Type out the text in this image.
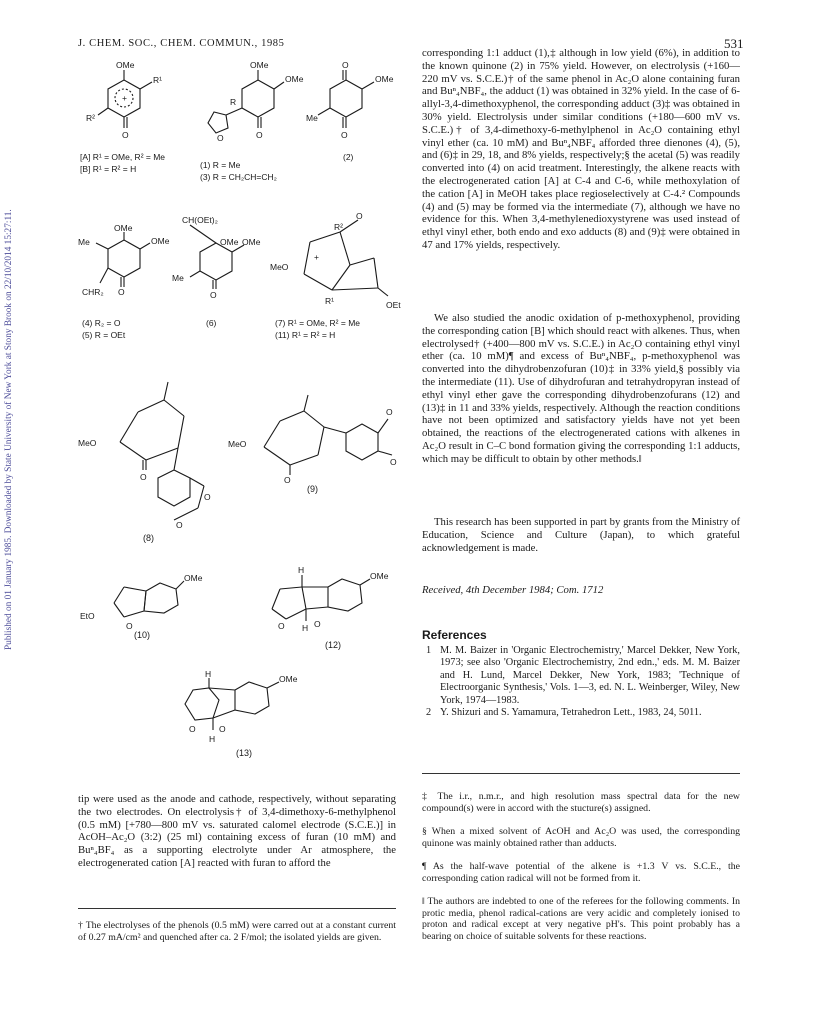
Published on 01 January 1985. Downloaded by State University of New York at Stony Brook on 22/10/2014 15:27:11.
J. CHEM. SOC., CHEM. COMMUN., 1985	531
OMe
R¹
R²
+
O
[A] R¹ = OMe, R² = Me
[B] R¹ = R² = H
OMe
OMe
R
O	O
(1) R = Me
(3) R = CH₂CH=CH₂
O
OMe
Me
O
(2)
OMe
OMe
Me
CHR₂ O
(4) R₂ = O
(5) R = OEt
CH(OEt)₂
OMe OMe
Me
O
(6)
R²
O
MeO
+
R¹	OEt
(7) R¹ = OMe, R² = Me
(11) R¹ = R² = H
MeO
O
O
O
(8)
MeO
O
O
O
(9)
OMe
EtO
O
(10)
H
O	O
H
OMe
(12)
H
O	O
H
OMe
(13)

corresponding 1:1 adduct (1),‡ although in low yield (6%), in addition to the known quinone (2) in 75% yield. However, on electrolysis (+160—220 mV vs. S.C.E.)† of the same phenol in Ac₂O alone containing furan and Buⁿ₄NBF₄, the adduct (1) was obtained in 32% yield. In the case of 6-allyl-3,4-dimethoxyphenol, the corresponding adduct (3)‡ was obtained in 30% yield. Electrolysis under similar conditions (+180—600 mV vs. S.C.E.)† of 3,4-dimethoxy-6-methylphenol in Ac₂O containing ethyl vinyl ether (ca. 10 mM) and Buⁿ₄NBF₄ afforded three dienones (4), (5), and (6)‡ in 29, 18, and 8% yields, respectively;§ the acetal (5) was readily converted into (4) on acid treatment. Interestingly, the alkene reacts with the electrogenerated cation [A] at C-4 and C-6, while methoxylation of the cation [A] in MeOH takes place regioselectively at C-4.² Compounds (4) and (5) may be formed via the intermediate (7), although we have no evidence for this. When 3,4-methylenedioxystyrene was used instead of ethyl vinyl ether, both endo and exo adducts (8) and (9)‡ were obtained in 47 and 17% yields, respectively.

We also studied the anodic oxidation of p-methoxyphenol, providing the corresponding cation [B] which should react with alkenes. Thus, when electrolysed† (+400—800 mV vs. S.C.E.) in Ac₂O containing ethyl vinyl ether (ca. 10 mM)¶ and excess of Buⁿ₄NBF₄, p-methoxyphenol was converted into the dihydrobenzofuran (10)‡ in 33% yield,§ possibly via the intermediate (11). Use of dihydrofuran and tetrahydropyran instead of ethyl vinyl ether gave the corresponding dihydrobenzofurans (12) and (13)‡ in 11 and 33% yields, respectively. Although the reaction conditions have not been optimized and satisfactory yields have not yet been obtained, the reactions of the electrogenerated cations with alkenes in Ac₂O result in C–C bond formation giving the corresponding 1:1 adducts, which may be difficult to obtain by other methods.‖

This research has been supported in part by grants from the Ministry of Education, Science and Culture (Japan), to which grateful acknowledgement is made.

Received, 4th December 1984; Com. 1712
References
1 M. M. Baizer in 'Organic Electrochemistry,' Marcel Dekker, New York, 1973; see also 'Organic Electrochemistry, 2nd edn.,' eds. M. M. Baizer and H. Lund, Marcel Dekker, New York, 1983; 'Technique of Electroorganic Synthesis,' Vols. 1—3, ed. N. L. Weinberger, Wiley, New York, 1974—1983.
2 Y. Shizuri and S. Yamamura, Tetrahedron Lett., 1983, 24, 5011.

tip were used as the anode and cathode, respectively, without separating the two electrodes. On electrolysis† of 3,4-dimethoxy-6-methylphenol (0.5 mM) [+780—800 mV vs. saturated calomel electrode (S.C.E.)] in AcOH–Ac₂O (3:2) (25 ml) containing excess of furan (10 mM) and Buⁿ₄BF₄ as a supporting electrolyte under Ar atmosphere, the electrogenerated cation [A] reacted with furan to afford the

† The electrolyses of the phenols (0.5 mM) were carred out at a constant current of 0.27 mA/cm² and quenched after ca. 2 F/mol; the isolated yields are given.
‡ The i.r., n.m.r., and high resolution mass spectral data for the new compound(s) were in accord with the stucture(s) assigned.
§ When a mixed solvent of AcOH and Ac₂O was used, the corresponding quinone was mainly obtained rather than adducts.
¶ As the half-wave potential of the alkene is +1.3 V vs. S.C.E., the corresponding cation radical will not be formed from it.
‖ The authors are indebted to one of the referees for the following comments. In protic media, phenol radical-cations are very acidic and completely ionised to proton and radical except at very negative pH's. This point probably has a bearing on choice of suitable solvents for these reactions.
